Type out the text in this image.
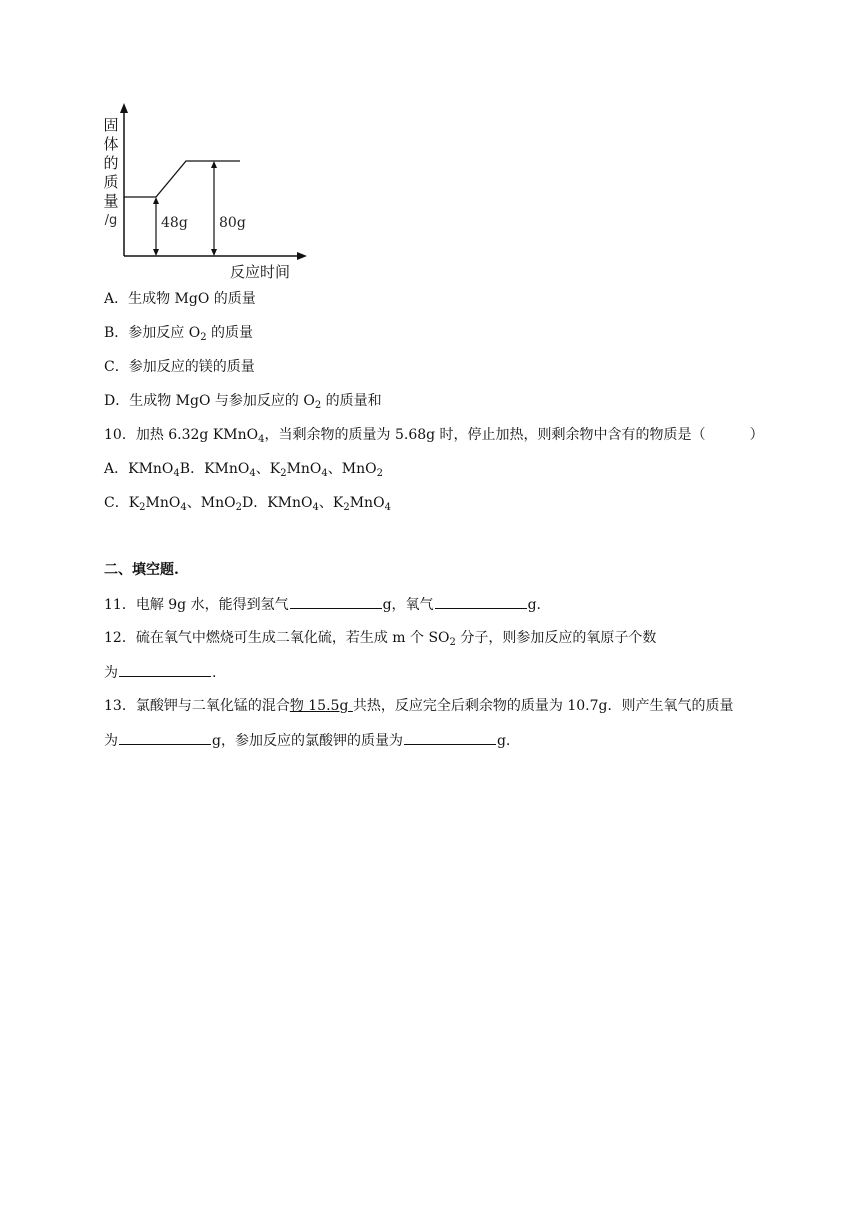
固
体
的
质
量
/g	48g 80g
反应时间
A．生成物 MgO 的质量
B．参加反应 $O_2$ 的质量
C．参加反应的镁的质量
D．生成物 MgO 与参加反应的 $O_2$ 的质量和
10．加热 6.32g KMnO$_4$，当剩余物的质量为 5.68g 时，停止加热，则剩余物中含有的物质是（	）
A．KMnO$_4$B．KMnO$_4$、$K_2MnO_4$、MnO$_2$
C．$K_2MnO_4$、MnO$_2$D．KMnO$_4$、$K_2MnO_4$
二、填空题.
11．电解 9g 水，能得到氢气	g，氧气	g.
12．硫在氧气中燃烧可生成二氧化硫，若生成 m 个 $SO_2$ 分子，则参加反应的氧原子个数
为	.
13．氯酸钾与二氧化锰的混合物 15.5g 共热，反应完全后剩余物的质量为 10.7g．则产生氧气的质量
为	g，参加反应的氯酸钾的质量为	g.
